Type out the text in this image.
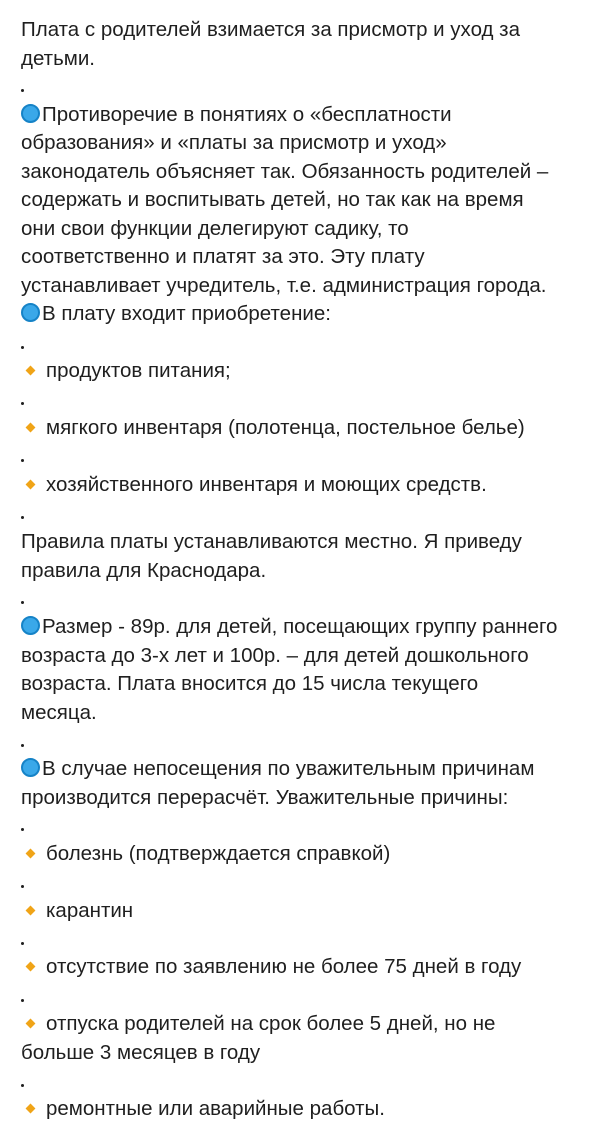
Плата с родителей взимается за присмотр и уход за
детьми.
Противоречие в понятиях о «бесплатности
образования» и «платы за присмотр и уход»
законодатель объясняет так. Обязанность родителей –
содержать и воспитывать детей, но так как на время
они свои функции делегируют садику, то
соответственно и платят за это. Эту плату
устанавливает учредитель, т.е. администрация города.
В плату входит приобретение:
продуктов питания;
мягкого инвентаря (полотенца, постельное белье)
хозяйственного инвентаря и моющих средств.
Правила платы устанавливаются местно. Я приведу
правила для Краснодара.
Размер - 89р. для детей, посещающих группу раннего
возраста до 3-х лет и 100р. – для детей дошкольного
возраста. Плата вносится до 15 числа текущего
месяца.
В случае непосещения по уважительным причинам
производится перерасчёт. Уважительные причины:
болезнь (подтверждается справкой)
карантин
отсутствие по заявлению не более 75 дней в году
отпуска родителей на срок более 5 дней, но не
больше 3 месяцев в году
ремонтные или аварийные работы.
